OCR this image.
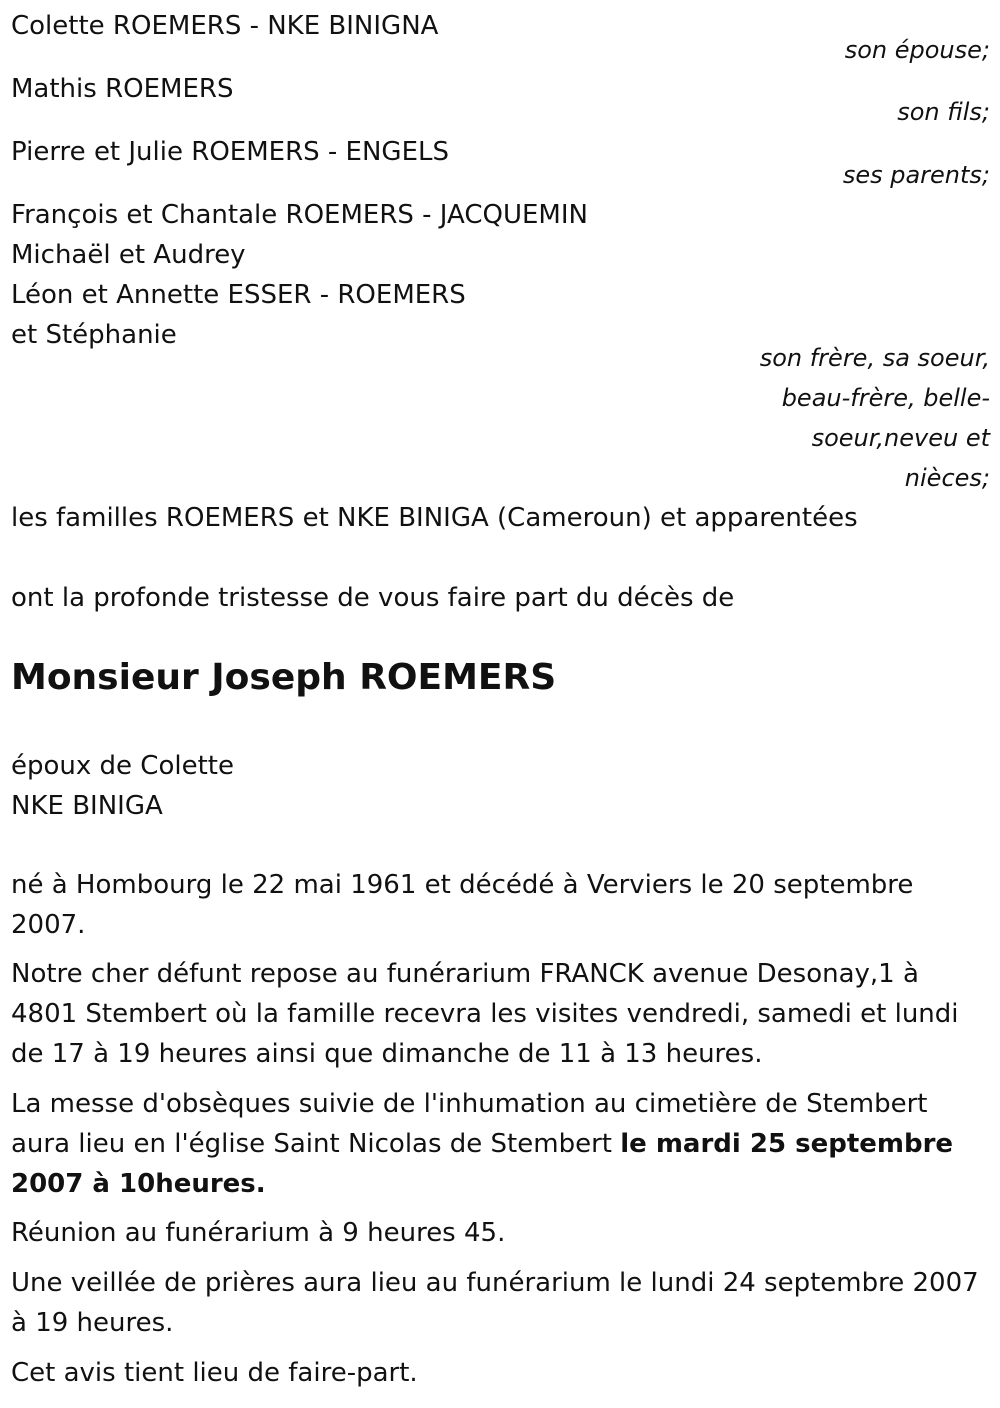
Colette ROEMERS - NKE BINIGNA
son épouse;
Mathis ROEMERS
son fils;
Pierre et Julie ROEMERS - ENGELS
ses parents;
François et Chantale ROEMERS - JACQUEMIN
Michaël et Audrey
Léon et Annette ESSER - ROEMERS
et Stéphanie
son frère, sa soeur,
beau-frère, belle-
soeur,neveu et
nièces;
les familles ROEMERS et NKE BINIGA (Cameroun) et apparentées
ont la profonde tristesse de vous faire part du décès de
Monsieur Joseph ROEMERS
époux de Colette
NKE BINIGA
né à Hombourg le 22 mai 1961 et décédé à Verviers le 20 septembre 2007.
Notre cher défunt repose au funérarium FRANCK avenue Desonay,1 à 4801 Stembert où la famille recevra les visites vendredi, samedi et lundi de 17 à 19 heures ainsi que dimanche de 11 à 13 heures.
La messe d'obsèques suivie de l'inhumation au cimetière de Stembert aura lieu en l'église Saint Nicolas de Stembert le mardi 25 septembre 2007 à 10heures.
Réunion au funérarium à 9 heures 45.
Une veillée de prières aura lieu au funérarium le lundi 24 septembre 2007 à 19 heures.
Cet avis tient lieu de faire-part.
